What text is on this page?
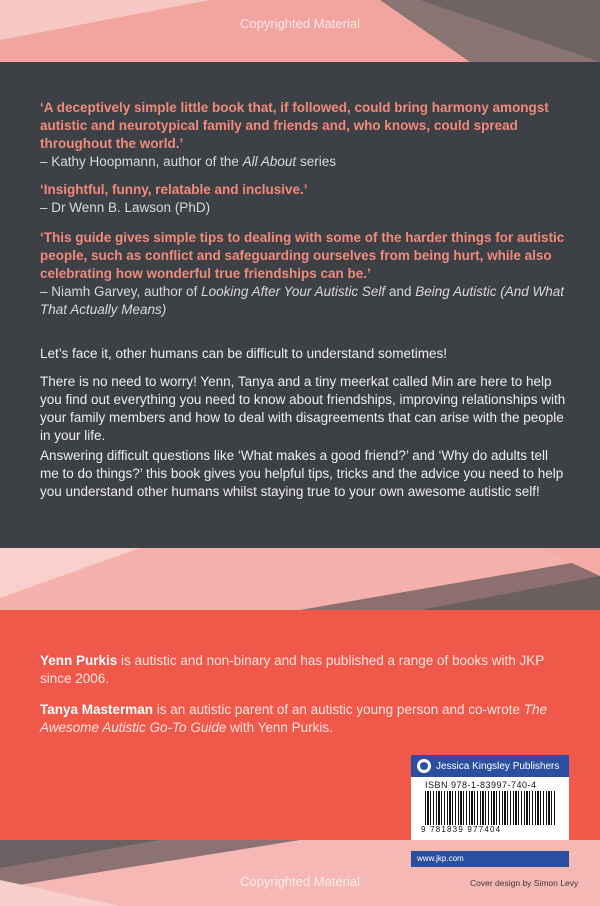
Copyrighted Material
‘A deceptively simple little book that, if followed, could bring harmony amongst autistic and neurotypical family and friends and, who knows, could spread throughout the world.’
– Kathy Hoopmann, author of the All About series
‘Insightful, funny, relatable and inclusive.’
– Dr Wenn B. Lawson (PhD)
‘This guide gives simple tips to dealing with some of the harder things for autistic people, such as conflict and safeguarding ourselves from being hurt, while also celebrating how wonderful true friendships can be.’
– Niamh Garvey, author of Looking After Your Autistic Self and Being Autistic (And What That Actually Means)
Let’s face it, other humans can be difficult to understand sometimes!
There is no need to worry! Yenn, Tanya and a tiny meerkat called Min are here to help you find out everything you need to know about friendships, improving relationships with your family members and how to deal with disagreements that can arise with the people in your life.
Answering difficult questions like ‘What makes a good friend?’ and ‘Why do adults tell me to do things?’ this book gives you helpful tips, tricks and the advice you need to help you understand other humans whilst staying true to your own awesome autistic self!
Yenn Purkis is autistic and non-binary and has published a range of books with JKP since 2006.
Tanya Masterman is an autistic parent of an autistic young person and co-wrote The Awesome Autistic Go-To Guide with Yenn Purkis.
Copyrighted Material
Jessica Kingsley Publishers
ISBN 978-1-83997-740-4
9 781839 977404
www.jkp.com
Cover design by Simon Levy
